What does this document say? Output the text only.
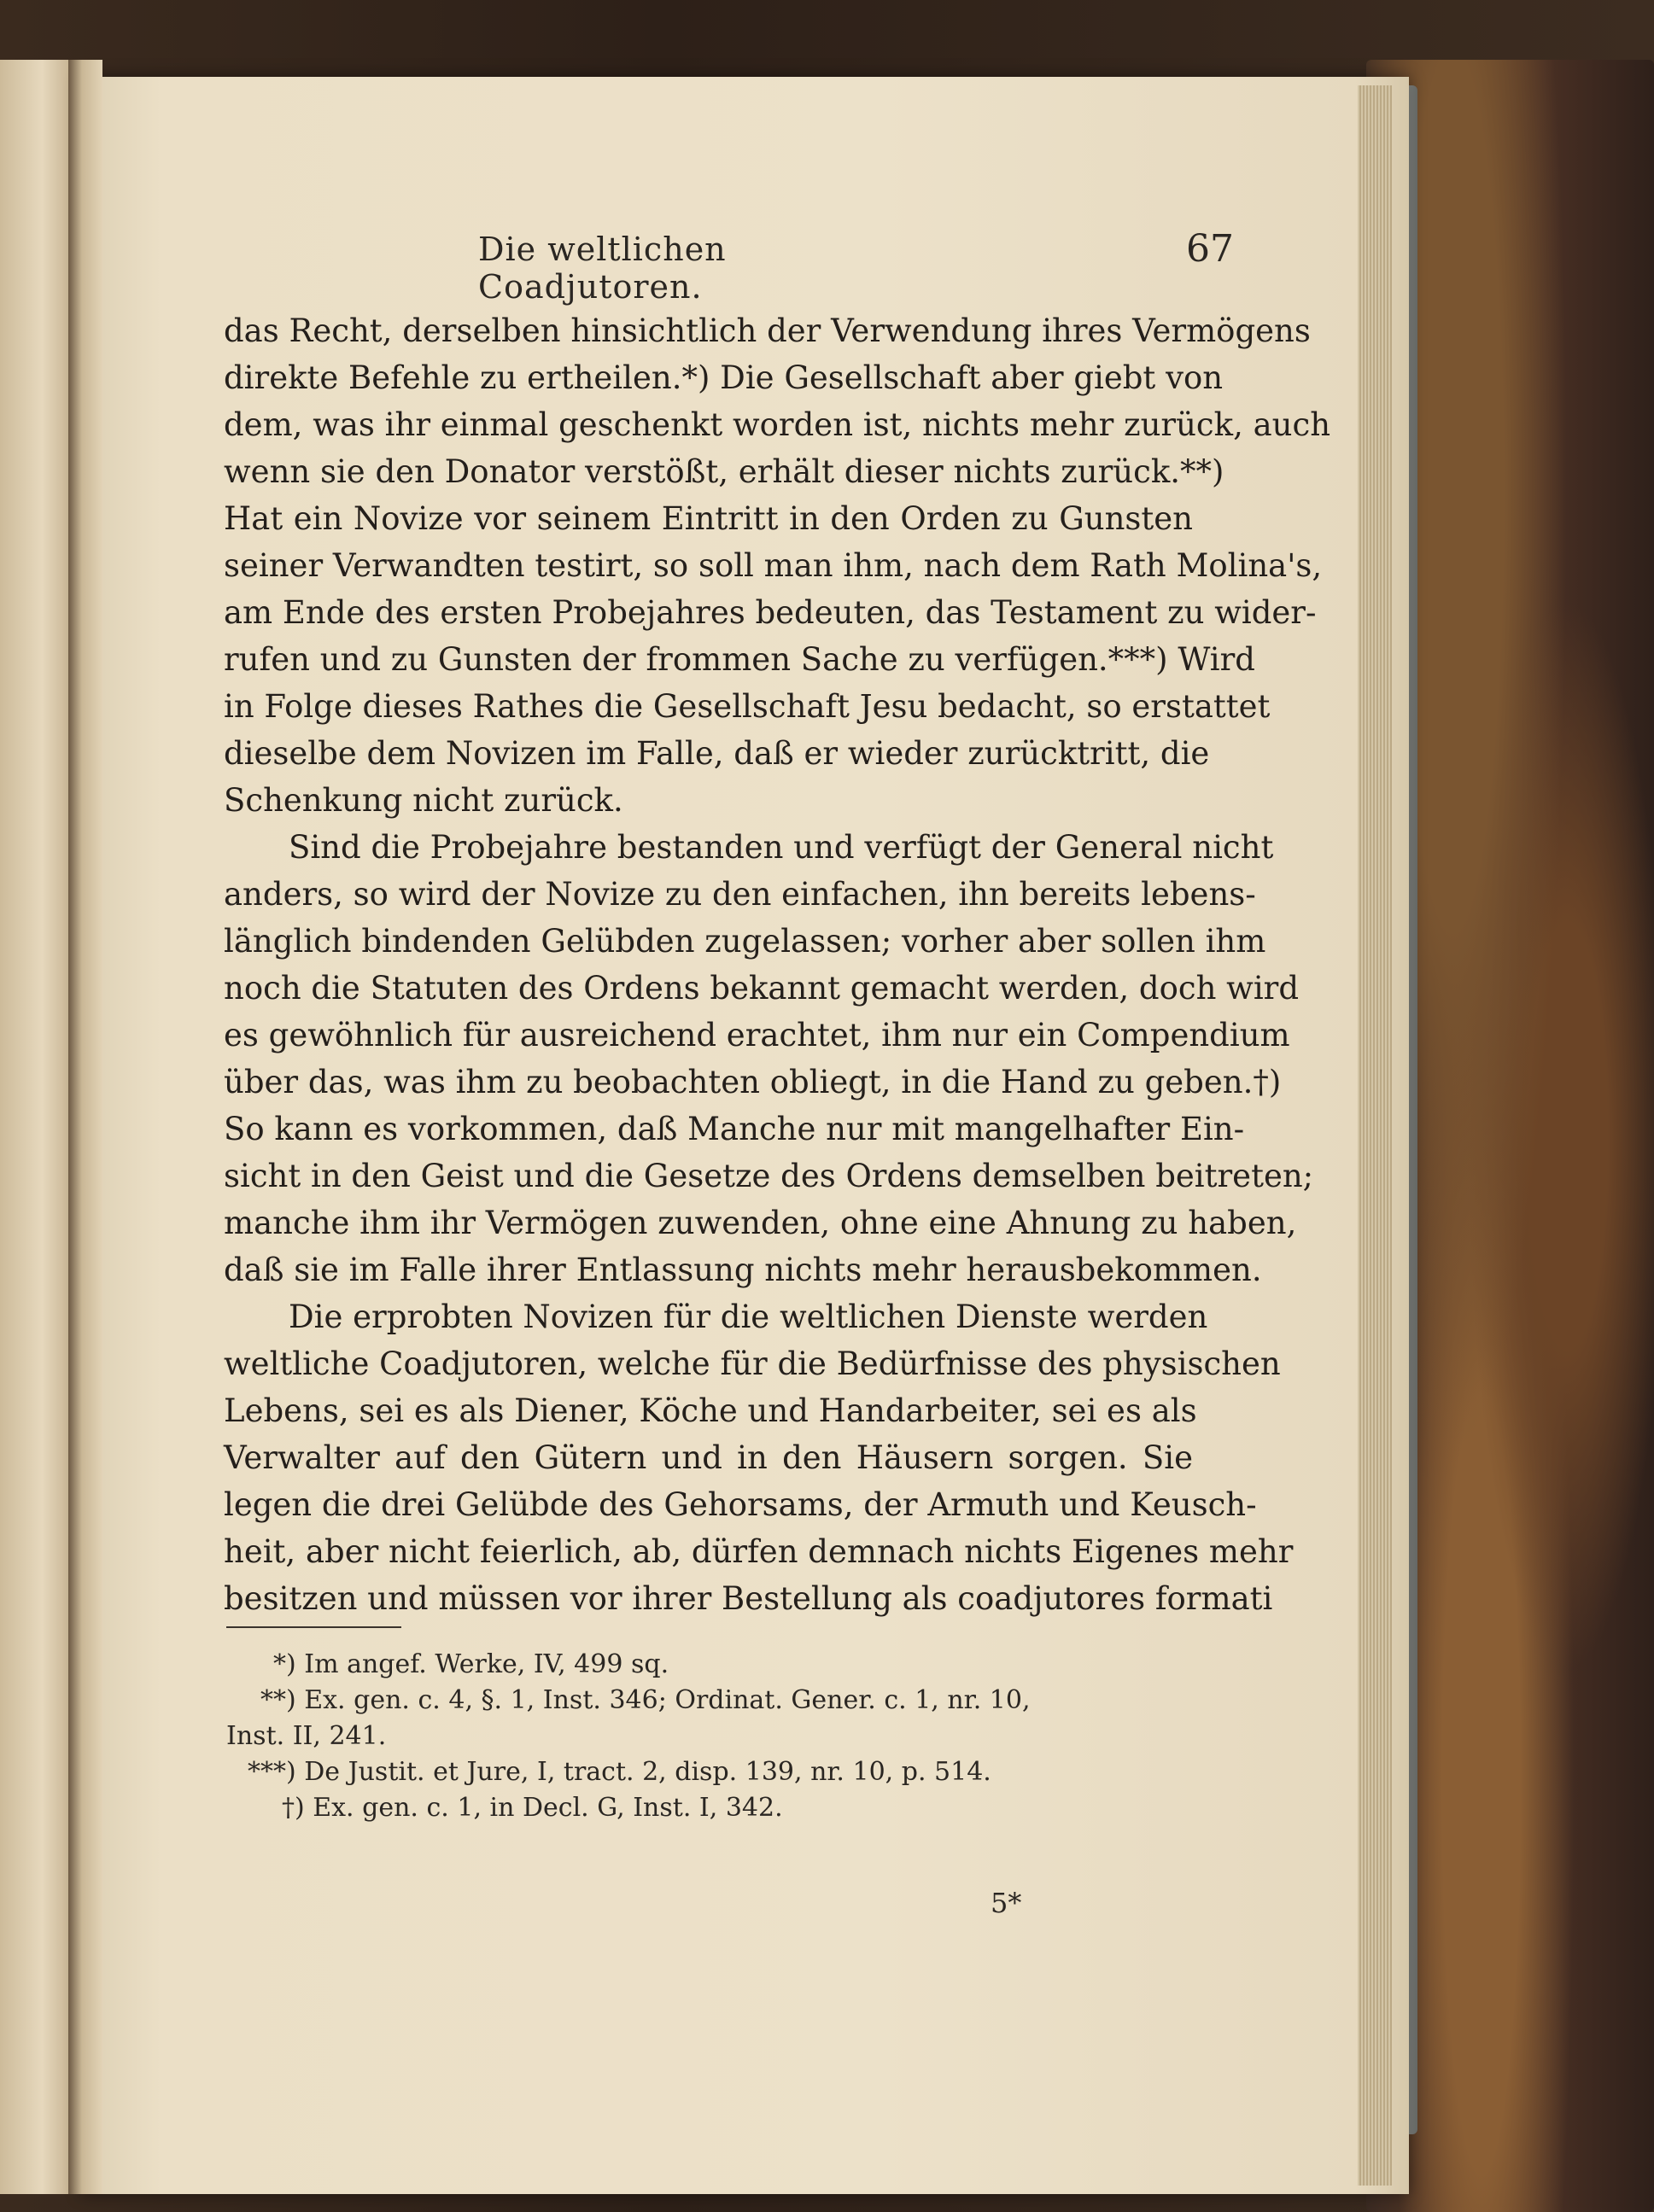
Die weltlichen Coadjutoren.
67
das Recht, derselben hinsichtlich der Verwendung ihres Vermögens
direkte Befehle zu ertheilen.*) Die Gesellschaft aber giebt von
dem, was ihr einmal geschenkt worden ist, nichts mehr zurück, auch
wenn sie den Donator verstößt, erhält dieser nichts zurück.**)
Hat ein Novize vor seinem Eintritt in den Orden zu Gunsten
seiner Verwandten testirt, so soll man ihm, nach dem Rath Molina's,
am Ende des ersten Probejahres bedeuten, das Testament zu wider-
rufen und zu Gunsten der frommen Sache zu verfügen.***) Wird
in Folge dieses Rathes die Gesellschaft Jesu bedacht, so erstattet
dieselbe dem Novizen im Falle, daß er wieder zurücktritt, die
Schenkung nicht zurück.
Sind die Probejahre bestanden und verfügt der General nicht
anders, so wird der Novize zu den einfachen, ihn bereits lebens-
länglich bindenden Gelübden zugelassen; vorher aber sollen ihm
noch die Statuten des Ordens bekannt gemacht werden, doch wird
es gewöhnlich für ausreichend erachtet, ihm nur ein Compendium
über das, was ihm zu beobachten obliegt, in die Hand zu geben.†)
So kann es vorkommen, daß Manche nur mit mangelhafter Ein-
sicht in den Geist und die Gesetze des Ordens demselben beitreten;
manche ihm ihr Vermögen zuwenden, ohne eine Ahnung zu haben,
daß sie im Falle ihrer Entlassung nichts mehr herausbekommen.
Die erprobten Novizen für die weltlichen Dienste werden
weltliche Coadjutoren, welche für die Bedürfnisse des physischen
Lebens, sei es als Diener, Köche und Handarbeiter, sei es als
Verwalter auf den Gütern und in den Häusern sorgen. Sie
legen die drei Gelübde des Gehorsams, der Armuth und Keusch-
heit, aber nicht feierlich, ab, dürfen demnach nichts Eigenes mehr
besitzen und müssen vor ihrer Bestellung als coadjutores formati
*) Im angef. Werke, IV, 499 sq.
**) Ex. gen. c. 4, §. 1, Inst. 346; Ordinat. Gener. c. 1, nr. 10,
Inst. II, 241.
***) De Justit. et Jure, I, tract. 2, disp. 139, nr. 10, p. 514.
†) Ex. gen. c. 1, in Decl. G, Inst. I, 342.
5*
